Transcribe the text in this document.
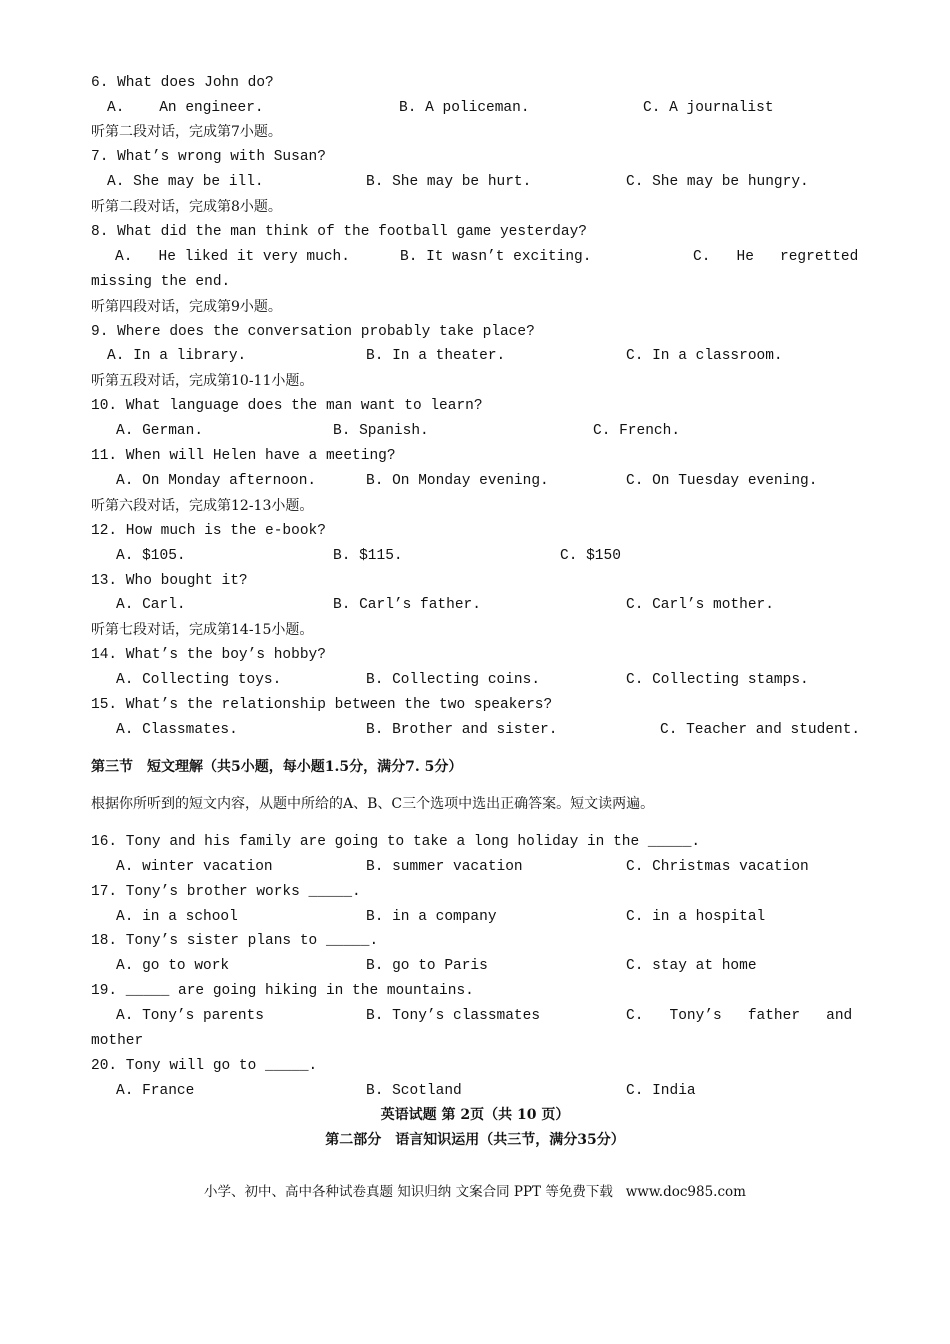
6. What does John do?
A.    An engineer.	B. A policeman.	C. A journalist
听第二段对话，完成第7小题。
7. What’s wrong with Susan?
A. She may be ill.	B. She may be hurt.	C. She may be hungry.
听第二段对话，完成第8小题。
8. What did the man think of the football game yesterday?
A.   He liked it very much.	B. It wasn’t exciting.	C.   He   regretted
missing the end.
听第四段对话，完成第9小题。
9. Where does the conversation probably take place?
A. In a library.	B. In a theater.	C. In a classroom.
听第五段对话，完成第10-11小题。
10. What language does the man want to learn?
A. German.	B. Spanish.	C. French.
11. When will Helen have a meeting?
A. On Monday afternoon.	B. On Monday evening.	C. On Tuesday evening.
听第六段对话，完成第12-13小题。
12. How much is the e-book?
A. $105.	B. $115.	C. $150
13. Who bought it?
A. Carl.	B. Carl’s father.	C. Carl’s mother.
听第七段对话，完成第14-15小题。
14. What’s the boy’s hobby?
A. Collecting toys.	B. Collecting coins.	C. Collecting stamps.
15. What’s the relationship between the two speakers?
A. Classmates.	B. Brother and sister.	C. Teacher and student.
第三节　短文理解（共5小题，每小题1.5分，满分7. 5分）
根据你所听到的短文内容，从题中所给的A、B、C三个选项中选出正确答案。短文读两遍。
16. Tony and his family are going to take a long holiday in the _____.
A. winter vacation	B. summer vacation	C. Christmas vacation
17. Tony’s brother works _____.
A. in a school	B. in a company	C. in a hospital
18. Tony’s sister plans to _____.
A. go to work	B. go to Paris	C. stay at home
19. _____ are going hiking in the mountains.
A. Tony’s parents	B. Tony’s classmates	C.   Tony’s   father   and
mother
20. Tony will go to _____.
A. France	B. Scotland	C. India
英语试题 第 2页（共 10 页）
第二部分　语言知识运用（共三节，满分35分）
小学、初中、高中各种试卷真题 知识归纳 文案合同 PPT 等免费下载   www.doc985.com
